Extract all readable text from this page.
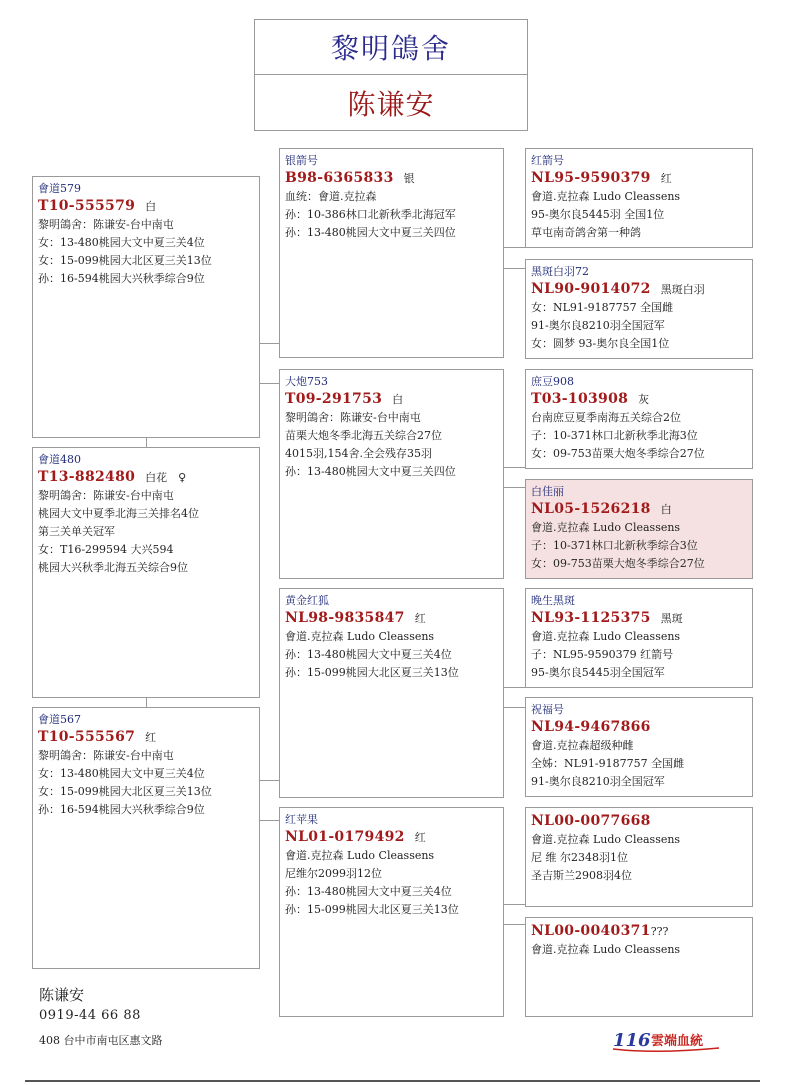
黎明鴿舍
陈谦安
會道579
T10-555579 白
黎明鴿舍：陈谦安-台中南屯
女：13-480桃园大文中夏三关4位
女：15-099桃园大北区夏三关13位
孙：16-594桃园大兴秋季综合9位
會道480
T13-882480 白花　♀
黎明鴿舍：陈谦安-台中南屯
桃园大文中夏季北海三关排名4位
第三关单关冠军
女：T16-299594 大兴594
桃园大兴秋季北海五关综合9位
會道567
T10-555567 红
黎明鴿舍：陈谦安-台中南屯
女：13-480桃园大文中夏三关4位
女：15-099桃园大北区夏三关13位
孙：16-594桃园大兴秋季综合9位
银箭号
B98-6365833 银
血统：會道.克拉森
孙：10-386林口北新秋季北海冠军
孙：13-480桃园大文中夏三关四位
大炮753
T09-291753 白
黎明鴿舍：陈谦安-台中南屯
苗栗大炮冬季北海五关综合27位
4015羽,154舍.全会残存35羽
孙：13-480桃园大文中夏三关四位
黄金红狐
NL98-9835847 红
會道.克拉森 Ludo Cleassens
孙：13-480桃园大文中夏三关4位
孙：15-099桃园大北区夏三关13位
红苹果
NL01-0179492 红
會道.克拉森 Ludo Cleassens
尼维尔2099羽12位
孙：13-480桃园大文中夏三关4位
孙：15-099桃园大北区夏三关13位
红箭号
NL95-9590379 红
會道.克拉森 Ludo Cleassens
95-奥尔良5445羽 全国1位
草屯南奇鸽舍第一种鸽
黑斑白羽72
NL90-9014072 黑斑白羽
女：NL91-9187757 全国雌
91-奥尔良8210羽全国冠军
女：圆梦 93-奥尔良全国1位
庶豆908
T03-103908 灰
台南庶豆夏季南海五关综合2位
子：10-371林口北新秋季北海3位
女：09-753苗栗大炮冬季综合27位
白佳丽
NL05-1526218 白
會道.克拉森 Ludo Cleassens
子：10-371林口北新秋季综合3位
女：09-753苗栗大炮冬季综合27位
晚生黑斑
NL93-1125375 黑斑
會道.克拉森 Ludo Cleassens
子：NL95-9590379 红箭号
95-奥尔良5445羽全国冠军
祝福号
NL94-9467866
會道.克拉森超级种雌
全姊：NL91-9187757 全国雌
91-奥尔良8210羽全国冠军
NL00-0077668
會道.克拉森 Ludo Cleassens
尼 维 尔2348羽1位
圣吉斯兰2908羽4位
NL00-0040371???
會道.克拉森 Ludo Cleassens
陈谦安
0919-44 66 88
408 台中市南屯区惠文路	116 雲端血統
